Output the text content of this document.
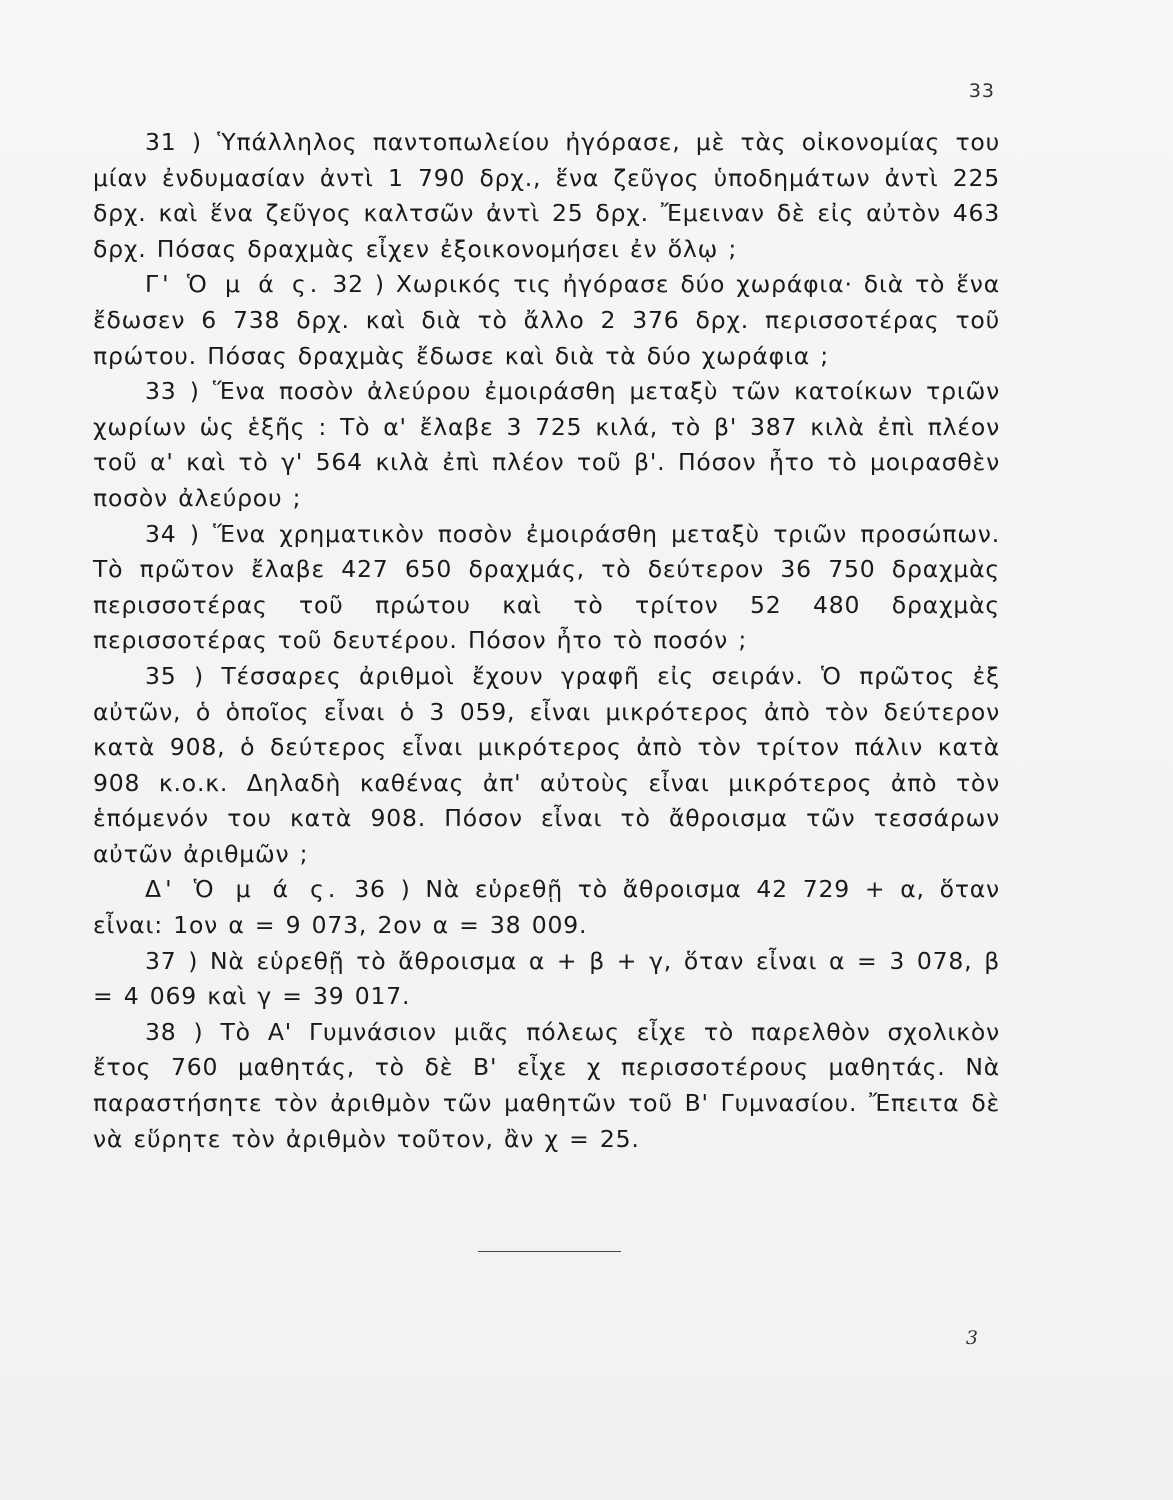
33

31 ) Ὑπάλληλος παντοπωλείου ἠγόρασε, μὲ τὰς οἰκονομίας του μίαν ἐνδυμασίαν ἀντὶ 1 790 δρχ., ἕνα ζεῦγος ὑποδημάτων ἀντὶ 225 δρχ. καὶ ἕνα ζεῦγος καλτσῶν ἀντὶ 25 δρχ. Ἔμειναν δὲ εἰς αὐτὸν 463 δρχ. Πόσας δραχμὰς εἶχεν ἐξοικονομήσει ἐν ὅλῳ ;

Γ' Ὁ μ ά ς. 32 ) Χωρικός τις ἠγόρασε δύο χωράφια· διὰ τὸ ἕνα ἔδωσεν 6 738 δρχ. καὶ διὰ τὸ ἄλλο 2 376 δρχ. περισσοτέρας τοῦ πρώτου. Πόσας δραχμὰς ἔδωσε καὶ διὰ τὰ δύο χωράφια ;

33 ) Ἕνα ποσὸν ἀλεύρου ἐμοιράσθη μεταξὺ τῶν κατοίκων τριῶν χωρίων ὡς ἑξῆς : Τὸ α' ἔλαβε 3 725 κιλά, τὸ β' 387 κιλὰ ἐπὶ πλέον τοῦ α' καὶ τὸ γ' 564 κιλὰ ἐπὶ πλέον τοῦ β'. Πόσον ἦτο τὸ μοιρασθὲν ποσὸν ἀλεύρου ;

34 ) Ἕνα χρηματικὸν ποσὸν ἐμοιράσθη μεταξὺ τριῶν προσώπων. Τὸ πρῶτον ἔλαβε 427 650 δραχμάς, τὸ δεύτερον 36 750 δραχμὰς περισσοτέρας τοῦ πρώτου καὶ τὸ τρίτον 52 480 δραχμὰς περισσοτέρας τοῦ δευτέρου. Πόσον ἦτο τὸ ποσόν ;

35 ) Τέσσαρες ἀριθμοὶ ἔχουν γραφῆ εἰς σειράν. Ὁ πρῶτος ἐξ αὐτῶν, ὁ ὁποῖος εἶναι ὁ 3 059, εἶναι μικρότερος ἀπὸ τὸν δεύτερον κατὰ 908, ὁ δεύτερος εἶναι μικρότερος ἀπὸ τὸν τρίτον πάλιν κατὰ 908 κ.ο.κ. Δηλαδὴ καθένας ἀπ' αὐτοὺς εἶναι μικρότερος ἀπὸ τὸν ἑπόμενόν του κατὰ 908. Πόσον εἶναι τὸ ἄθροισμα τῶν τεσσάρων αὐτῶν ἀριθμῶν ;

Δ' Ὁ μ ά ς. 36 ) Νὰ εὑρεθῇ τὸ ἄθροισμα 42 729 + α, ὅταν εἶναι: 1ον α = 9 073, 2ον α = 38 009.

37 ) Νὰ εὑρεθῇ τὸ ἄθροισμα α + β + γ, ὅταν εἶναι α = 3 078, β = 4 069 καὶ γ = 39 017.

38 ) Τὸ Α' Γυμνάσιον μιᾶς πόλεως εἶχε τὸ παρελθὸν σχολικὸν ἔτος 760 μαθητάς, τὸ δὲ Β' εἶχε χ περισσοτέρους μαθητάς. Νὰ παραστήσητε τὸν ἀριθμὸν τῶν μαθητῶν τοῦ Β' Γυμνασίου. Ἔπειτα δὲ νὰ εὕρητε τὸν ἀριθμὸν τοῦτον, ἂν χ = 25.

3
